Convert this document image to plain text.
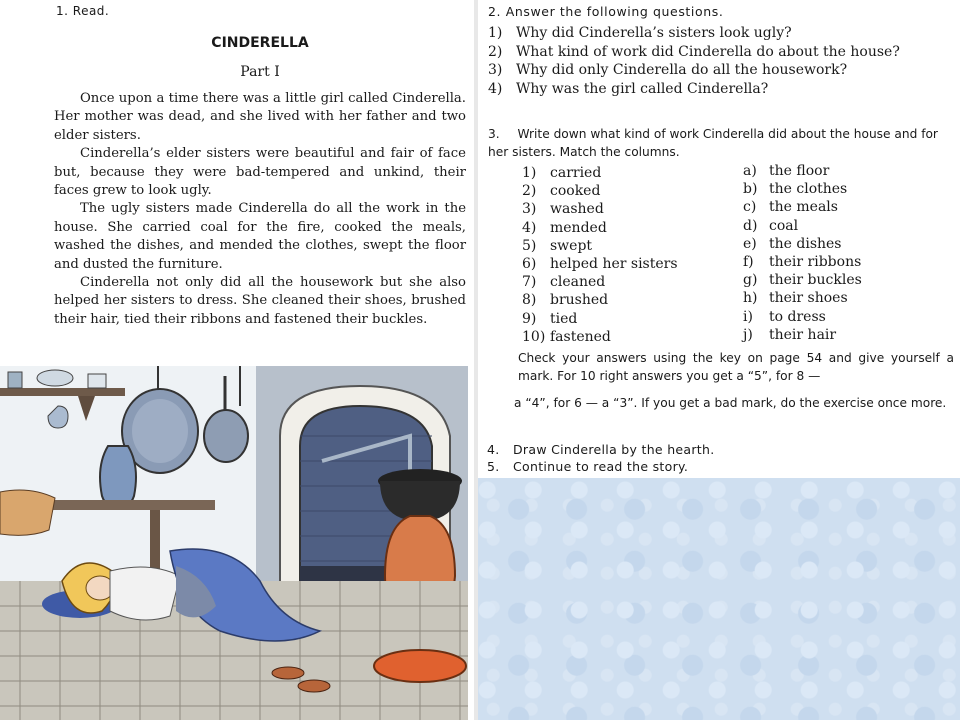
1. Read.
CINDERELLA
Part I

Once upon a time there was a little girl called Cinderella. Her mother was dead, and she lived with her father and two elder sisters.

Cinderella’s elder sisters were beautiful and fair of face but, because they were bad-tempered and unkind, their faces grew to look ugly.

The ugly sisters made Cinderella do all the work in the house. She carried coal for the fire, cooked the meals, washed the dishes, and mended the clothes, swept the floor and dusted the furniture.

Cinderella not only did all the housework but she also helped her sisters to dress. She cleaned their shoes, brushed their hair, tied their ribbons and fastened their buckles.

2. Answer the following questions.
1) Why did Cinderella’s sisters look ugly?
2) What kind of work did Cinderella do about the house?
3) Why did only Cinderella do all the housework?
4) Why was the girl called Cinderella?
3. Write down what kind of work Cinderella did about the house and for her sisters. Match the columns.
1) carried
2) cooked
3) washed
4) mended
5) swept
6) helped her sisters
7) cleaned
8) brushed
9) tied
10) fastened
a) the floor
b) the clothes
c) the meals
d) coal
e) the dishes
f)	their ribbons
g) their buckles
h) their shoes
i)	to dress
j)	their hair
Check your answers using the key on page 54 and give yourself a mark. For 10 right answers you get a “5”, for 8 —
a “4”, for 6 — a “3”. If you get a bad mark, do the exercise once more.
4.	Draw Cinderella by the hearth.
5.	Continue to read the story.
